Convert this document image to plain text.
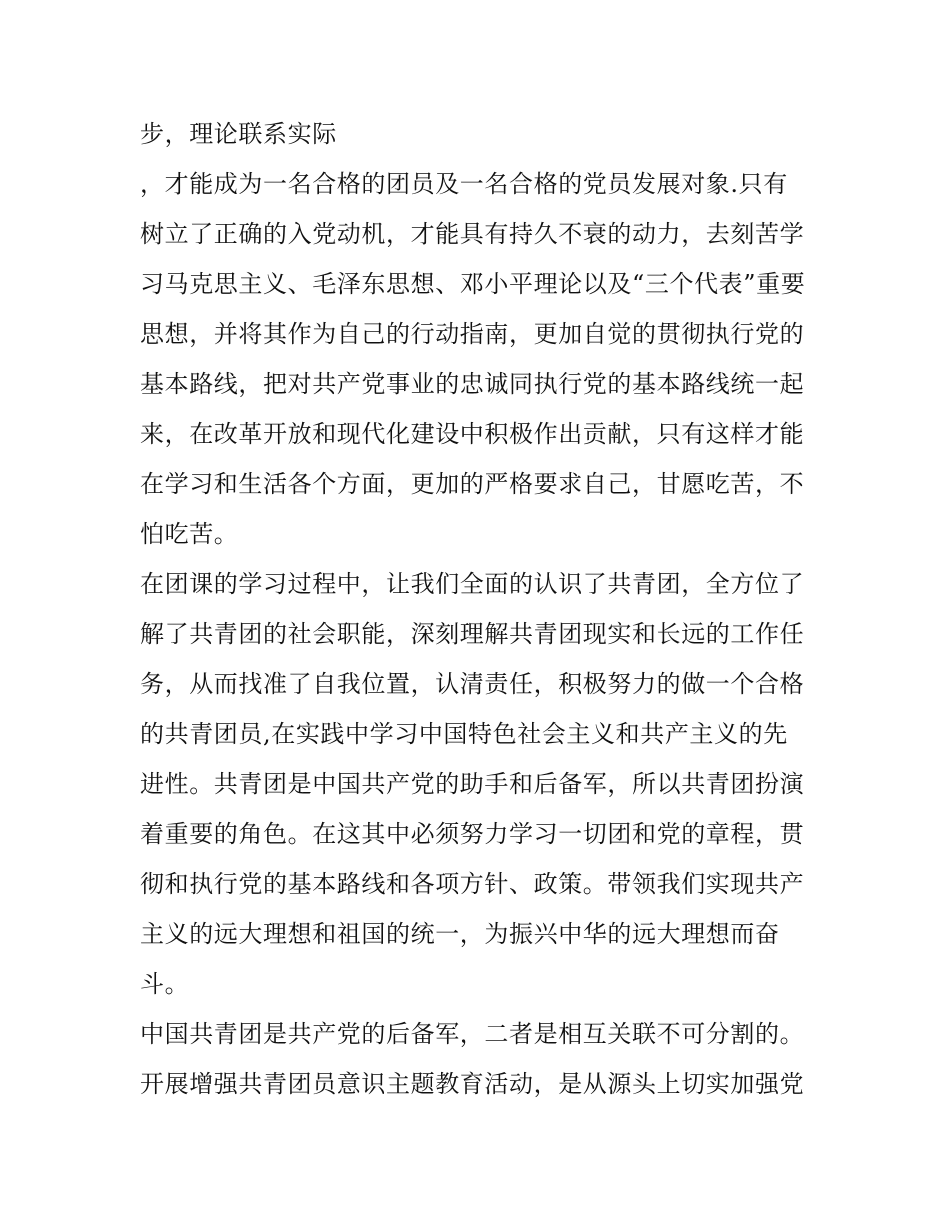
步，理论联系实际
，才能成为一名合格的团员及一名合格的党员发展对象.只有
树立了正确的入党动机，才能具有持久不衰的动力，去刻苦学
习马克思主义、毛泽东思想、邓小平理论以及“三个代表”重要
思想，并将其作为自己的行动指南，更加自觉的贯彻执行党的
基本路线，把对共产党事业的忠诚同执行党的基本路线统一起
来，在改革开放和现代化建设中积极作出贡献，只有这样才能
在学习和生活各个方面，更加的严格要求自己，甘愿吃苦，不
怕吃苦。
在团课的学习过程中，让我们全面的认识了共青团，全方位了
解了共青团的社会职能，深刻理解共青团现实和长远的工作任
务，从而找准了自我位置，认清责任，积极努力的做一个合格
的共青团员,在实践中学习中国特色社会主义和共产主义的先
进性。共青团是中国共产党的助手和后备军，所以共青团扮演
着重要的角色。在这其中必须努力学习一切团和党的章程，贯
彻和执行党的基本路线和各项方针、政策。带领我们实现共产
主义的远大理想和祖国的统一，为振兴中华的远大理想而奋
斗。
中国共青团是共产党的后备军，二者是相互关联不可分割的。
开展增强共青团员意识主题教育活动，是从源头上切实加强党
